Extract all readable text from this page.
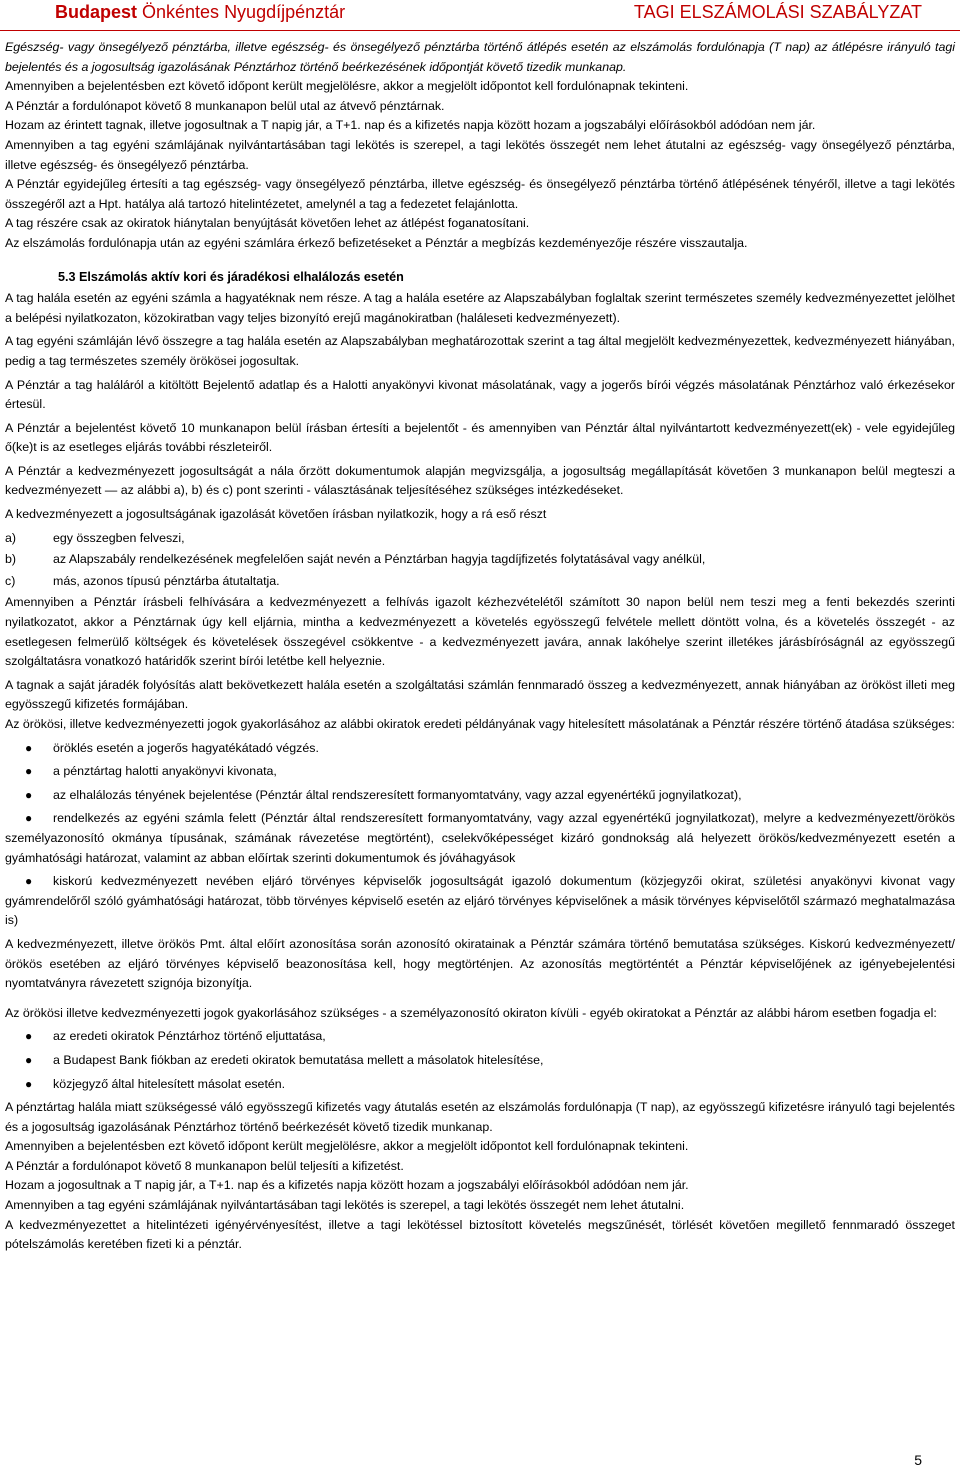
Budapest Önkéntes Nyugdíjpénztár	TAGI ELSZÁMOLÁSI SZABÁLYZAT

Egészség- vagy önsegélyező pénztárba, illetve egészség- és önsegélyező pénztárba történő átlépés esetén az elszámolás fordulónapja (T nap) az átlépésre irányuló tagi bejelentés és a jogosultság igazolásának Pénztárhoz történő beérkezésének időpontját követő tizedik munkanap.

Amennyiben a bejelentésben ezt követő időpont került megjelölésre, akkor a megjelölt időpontot kell fordulónapnak tekinteni.

A Pénztár a fordulónapot követő 8 munkanapon belül utal az átvevő pénztárnak.

Hozam az érintett tagnak, illetve jogosultnak a T napig jár, a T+1. nap és a kifizetés napja között hozam a jogszabályi előírásokból adódóan nem jár.

Amennyiben a tag egyéni számlájának nyilvántartásában tagi lekötés is szerepel, a tagi lekötés összegét nem lehet átutalni az egészség- vagy önsegélyező pénztárba, illetve egészség- és önsegélyező pénztárba.

A Pénztár egyidejűleg értesíti a tag egészség- vagy önsegélyező pénztárba, illetve egészség- és önsegélyező pénztárba történő átlépésének tényéről, illetve a tagi lekötés összegéről azt a Hpt. hatálya alá tartozó hitelintézetet, amelynél a tag a fedezetet felajánlotta.

A tag részére csak az okiratok hiánytalan benyújtását követően lehet az átlépést foganatosítani.

Az elszámolás fordulónapja után az egyéni számlára érkező befizetéseket a Pénztár a megbízás kezdeményezője részére visszautalja.

5.3 Elszámolás aktív kori és járadékosi elhalálozás esetén

A tag halála esetén az egyéni számla a hagyatéknak nem része. A tag a halála esetére az Alapszabályban foglaltak szerint természetes személy kedvezményezettet jelölhet a belépési nyilatkozaton, közokiratban vagy teljes bizonyító erejű magánokiratban (haláleseti kedvezményezett).

A tag egyéni számláján lévő összegre a tag halála esetén az Alapszabályban meghatározottak szerint a tag által megjelölt kedvezményezettek, kedvezményezett hiányában, pedig a tag természetes személy örökösei jogosultak.

A Pénztár a tag haláláról a kitöltött Bejelentő adatlap és a Halotti anyakönyvi kivonat másolatának, vagy a jogerős bírói végzés másolatának Pénztárhoz való érkezésekor értesül.

A Pénztár a bejelentést követő 10 munkanapon belül írásban értesíti a bejelentőt - és amennyiben van Pénztár által nyilvántartott kedvezményezett(ek) - vele egyidejűleg ő(ke)t is az esetleges eljárás további részleteiről.

A Pénztár a kedvezményezett jogosultságát a nála őrzött dokumentumok alapján megvizsgálja, a jogosultság megállapítását követően 3 munkanapon belül megteszi a kedvezményezett — az alábbi a), b) és c) pont szerinti - választásának teljesítéséhez szükséges intézkedéseket.

A kedvezményezett a jogosultságának igazolását követően írásban nyilatkozik, hogy a rá eső részt

a)	egy összegben felveszi,
b)	az Alapszabály rendelkezésének megfelelően saját nevén a Pénztárban hagyja tagdíjfizetés folytatásával vagy anélkül,
c)	más, azonos típusú pénztárba átutaltatja.

Amennyiben a Pénztár írásbeli felhívására a kedvezményezett a felhívás igazolt kézhezvételétől számított 30 napon belül nem teszi meg a fenti bekezdés szerinti nyilatkozatot, akkor a Pénztárnak úgy kell eljárnia, mintha a kedvezményezett a követelés egyösszegű felvétele mellett döntött volna, és a követelés összegét - az esetlegesen felmerülő költségek és követelések összegével csökkentve - a kedvezményezett javára, annak lakóhelye szerint illetékes járásbíróságnál az egyösszegű szolgáltatásra vonatkozó határidők szerint bírói letétbe kell helyeznie.

A tagnak a saját járadék folyósítás alatt bekövetkezett halála esetén a szolgáltatási számlán fennmaradó összeg a kedvezményezett, annak hiányában az örököst illeti meg egyösszegű kifizetés formájában.

Az örökösi, illetve kedvezményezetti jogok gyakorlásához az alábbi okiratok eredeti példányának vagy hitelesített másolatának a Pénztár részére történő átadása szükséges:

● öröklés esetén a jogerős hagyatékátadó végzés.
● a pénztártag halotti anyakönyvi kivonata,
● az elhalálozás tényének bejelentése (Pénztár által rendszeresített formanyomtatvány, vagy azzal egyenértékű jognyilatkozat),
● rendelkezés az egyéni számla felett (Pénztár által rendszeresített formanyomtatvány, vagy azzal egyenértékű jognyilatkozat), melyre a kedvezményezett/örökös személyazonosító okmánya típusának, számának rávezetése megtörtént), cselekvőképességet kizáró gondnokság alá helyezett örökös/kedvezményezett esetén a gyámhatósági határozat, valamint az abban előírtak szerinti dokumentumok és jóváhagyások
● kiskorú kedvezményezett nevében eljáró törvényes képviselők jogosultságát igazoló dokumentum (közjegyzői okirat, születési anyakönyvi kivonat vagy gyámrendelőről szóló gyámhatósági határozat, több törvényes képviselő esetén az eljáró törvényes képviselőnek a másik törvényes képviselőtől származó meghatalmazása is)

A kedvezményezett, illetve örökös Pmt. által előírt azonosítása során azonosító okiratainak a Pénztár számára történő bemutatása szükséges. Kiskorú kedvezményezett/örökös esetében az eljáró törvényes képviselő beazonosítása kell, hogy megtörténjen. Az azonosítás megtörténtét a Pénztár képviselőjének az igényebejelentési nyomtatványra rávezetett szignója bizonyítja.

Az örökösi illetve kedvezményezetti jogok gyakorlásához szükséges - a személyazonosító okiraton kívüli - egyéb okiratokat a Pénztár az alábbi három esetben fogadja el:

● az eredeti okiratok Pénztárhoz történő eljuttatása,
● a Budapest Bank fiókban az eredeti okiratok bemutatása mellett a másolatok hitelesítése,
● közjegyző által hitelesített másolat esetén.

A pénztártag halála miatt szükségessé váló egyösszegű kifizetés vagy átutalás esetén az elszámolás fordulónapja (T nap), az egyösszegű kifizetésre irányuló tagi bejelentés és a jogosultság igazolásának Pénztárhoz történő beérkezését követő tizedik munkanap.

Amennyiben a bejelentésben ezt követő időpont került megjelölésre, akkor a megjelölt időpontot kell fordulónapnak tekinteni.

A Pénztár a fordulónapot követő 8 munkanapon belül teljesíti a kifizetést.

Hozam a jogosultnak a T napig jár, a T+1. nap és a kifizetés napja között hozam a jogszabályi előírásokból adódóan nem jár.

Amennyiben a tag egyéni számlájának nyilvántartásában tagi lekötés is szerepel, a tagi lekötés összegét nem lehet átutalni.

A kedvezményezettet a hitelintézeti igényérvényesítést, illetve a tagi lekötéssel biztosított követelés megszűnését, törlését követően megillető fennmaradó összeget pótelszámolás keretében fizeti ki a pénztár.

5
